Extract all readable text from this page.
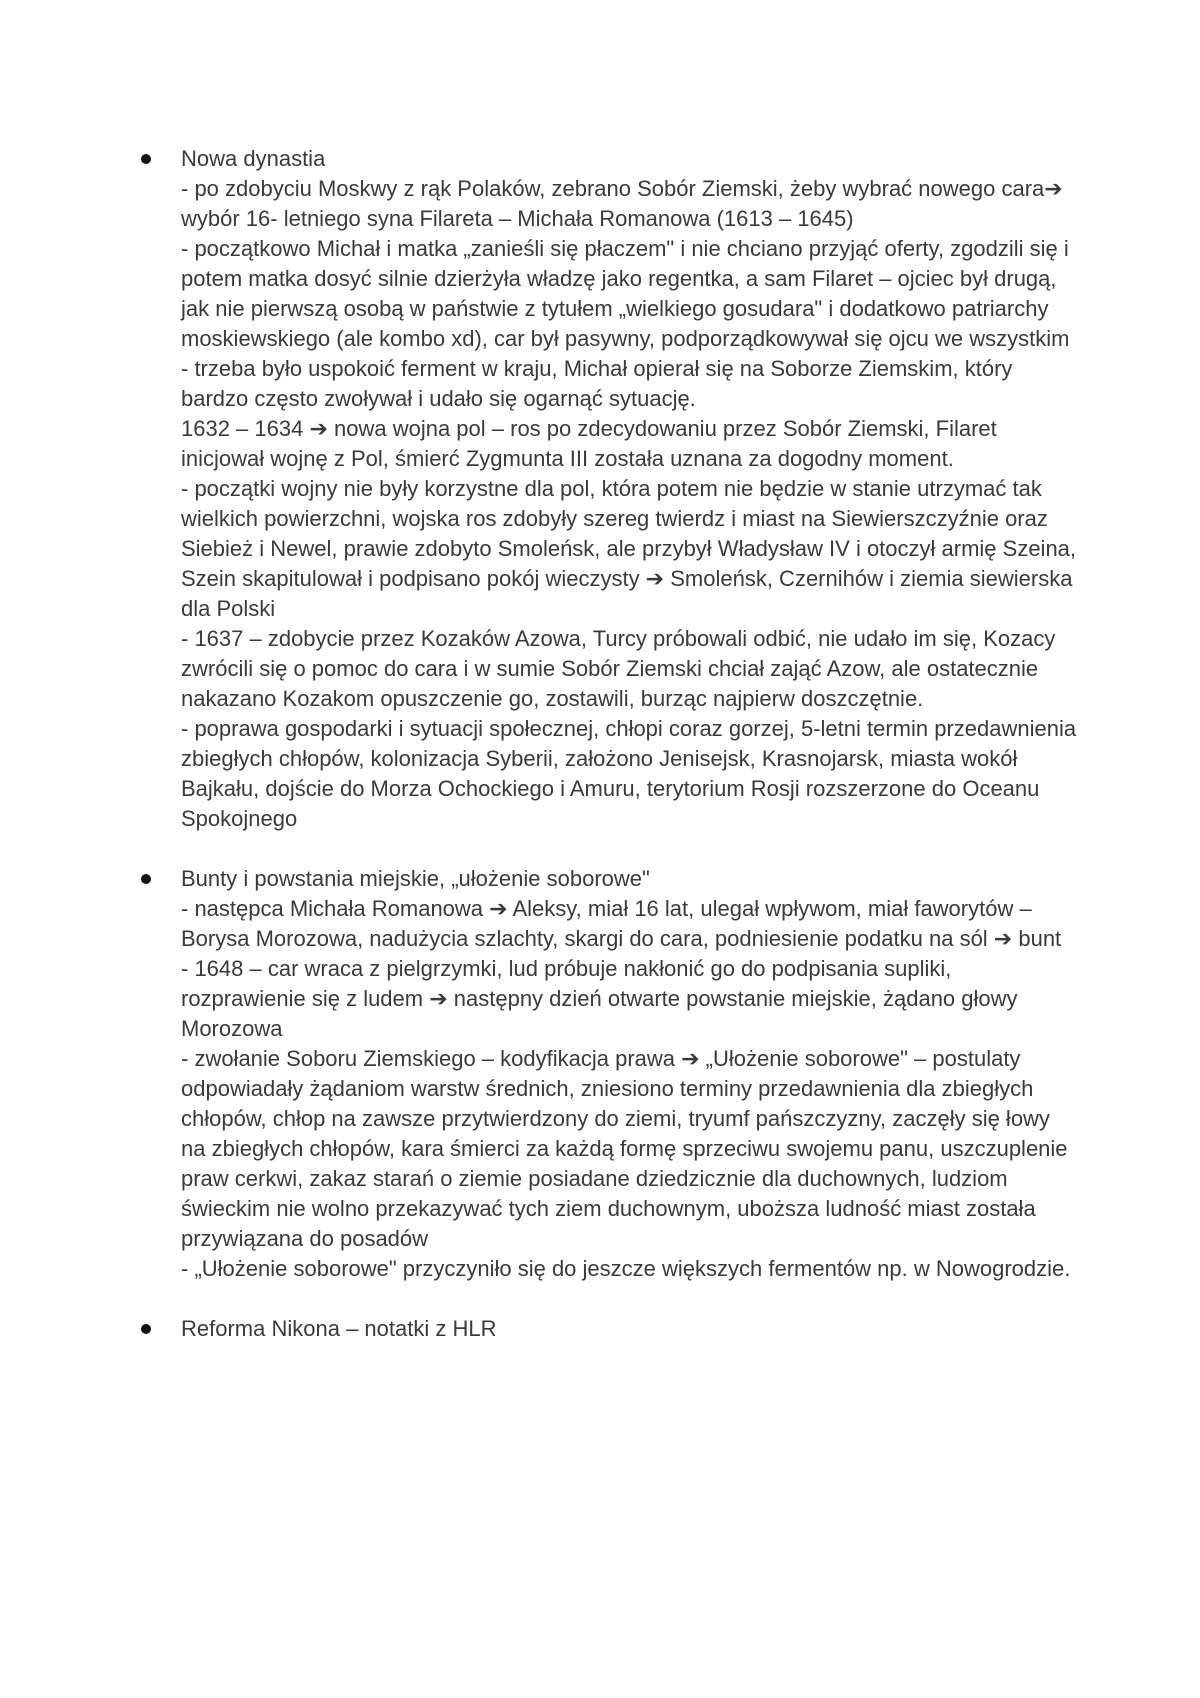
Nowa dynastia
- po zdobyciu Moskwy z rąk Polaków, zebrano Sobór Ziemski, żeby wybrać nowego cara➔ wybór 16- letniego syna Filareta – Michała Romanowa (1613 – 1645)
- początkowo Michał i matka „zanieśli się płaczem" i nie chciano przyjąć oferty, zgodzili się i potem matka dosyć silnie dzierżyła władzę jako regentka, a sam Filaret – ojciec był drugą, jak nie pierwszą osobą w państwie z tytułem „wielkiego gosudara" i dodatkowo patriarchy moskiewskiego (ale kombo xd), car był pasywny, podporządkowywał się ojcu we wszystkim
- trzeba było uspokoić ferment w kraju, Michał opierał się na Soborze Ziemskim, który bardzo często zwoływał i udało się ogarnąć sytuację.
1632 – 1634 ➔ nowa wojna pol – ros po zdecydowaniu przez Sobór Ziemski, Filaret inicjował wojnę z Pol, śmierć Zygmunta III została uznana za dogodny moment.
- początki wojny nie były korzystne dla pol, która potem nie będzie w stanie utrzymać tak wielkich powierzchni, wojska ros zdobyły szereg twierdz i miast na Siewierszczyźnie oraz Siebież i Newel, prawie zdobyto Smoleńsk, ale przybył Władysław IV i otoczył armię Szeina, Szein skapitulował i podpisano pokój wieczysty ➔ Smoleńsk, Czernihów i ziemia siewierska dla Polski
- 1637 – zdobycie przez Kozaków Azowa, Turcy próbowali odbić, nie udało im się, Kozacy zwrócili się o pomoc do cara i w sumie Sobór Ziemski chciał zająć Azow, ale ostatecznie nakazano Kozakom opuszczenie go, zostawili, burząc najpierw doszczętnie.
- poprawa gospodarki i sytuacji społecznej, chłopi coraz gorzej, 5-letni termin przedawnienia zbiegłych chłopów, kolonizacja Syberii, założono Jenisejsk, Krasnojarsk, miasta wokół Bajkału, dojście do Morza Ochockiego i Amuru, terytorium Rosji rozszerzone do Oceanu Spokojnego
Bunty i powstania miejskie, „ułożenie soborowe"
- następca Michała Romanowa ➔ Aleksy, miał 16 lat, ulegał wpływom, miał faworytów – Borysa Morozowa, nadużycia szlachty, skargi do cara, podniesienie podatku na sól ➔ bunt
- 1648 – car wraca z pielgrzymki, lud próbuje nakłonić go do podpisania supliki, rozprawienie się z ludem ➔ następny dzień otwarte powstanie miejskie, żądano głowy Morozowa
- zwołanie Soboru Ziemskiego – kodyfikacja prawa ➔ „Ułożenie soborowe" – postulaty odpowiadały żądaniom warstw średnich, zniesiono terminy przedawnienia dla zbiegłych chłopów, chłop na zawsze przytwierdzony do ziemi, tryumf pańszczyzny, zaczęły się łowy na zbiegłych chłopów, kara śmierci za każdą formę sprzeciwu swojemu panu, uszczuplenie praw cerkwi, zakaz starań o ziemie posiadane dziedzicznie dla duchownych, ludziom świeckim nie wolno przekazywać tych ziem duchownym, uboższa ludność miast została przywiązana do posadów
- „Ułożenie soborowe" przyczyniło się do jeszcze większych fermentów np. w Nowogrodzie.
Reforma Nikona – notatki z HLR
